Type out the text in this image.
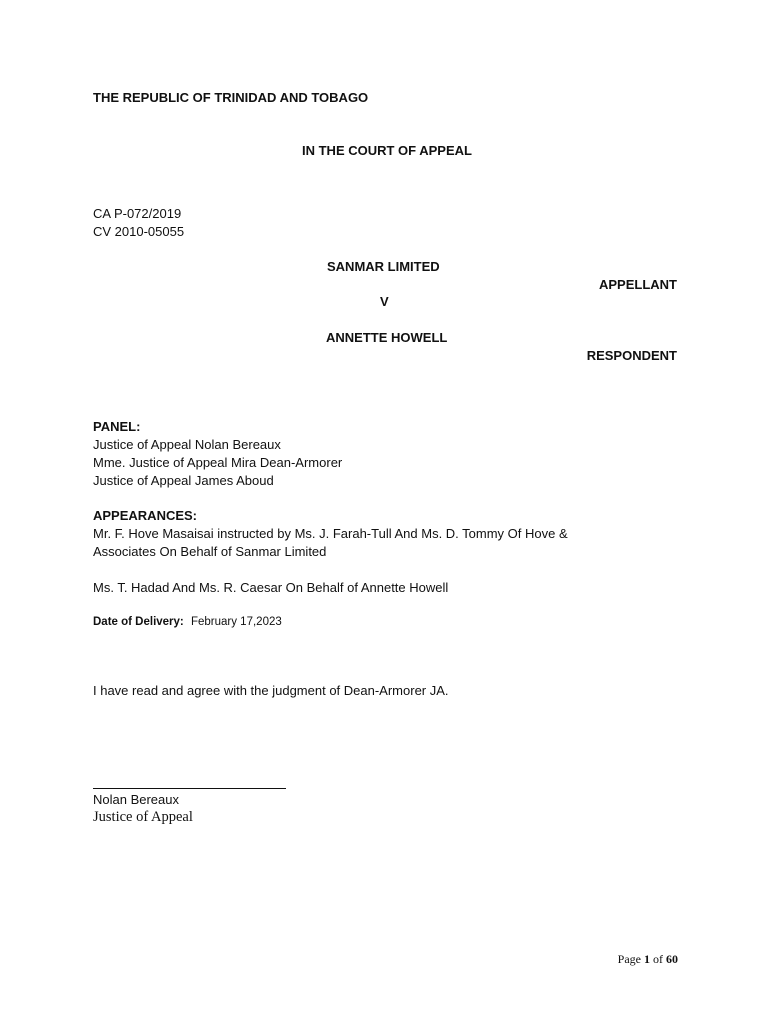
THE REPUBLIC OF TRINIDAD AND TOBAGO
IN THE COURT OF APPEAL
CA P-072/2019
CV 2010-05055
SANMAR LIMITED
APPELLANT
V
ANNETTE HOWELL
RESPONDENT
PANEL:
Justice of Appeal Nolan Bereaux
Mme. Justice of Appeal Mira Dean-Armorer
Justice of Appeal James Aboud
APPEARANCES:
Mr. F. Hove Masaisai instructed by Ms. J. Farah-Tull And Ms. D. Tommy Of Hove &
Associates On Behalf of Sanmar Limited
Ms. T. Hadad And Ms. R. Caesar On Behalf of Annette Howell
Date of Delivery: February 17,2023
I have read and agree with the judgment of Dean-Armorer JA.
Nolan Bereaux
Justice of Appeal
Page 1 of 60
